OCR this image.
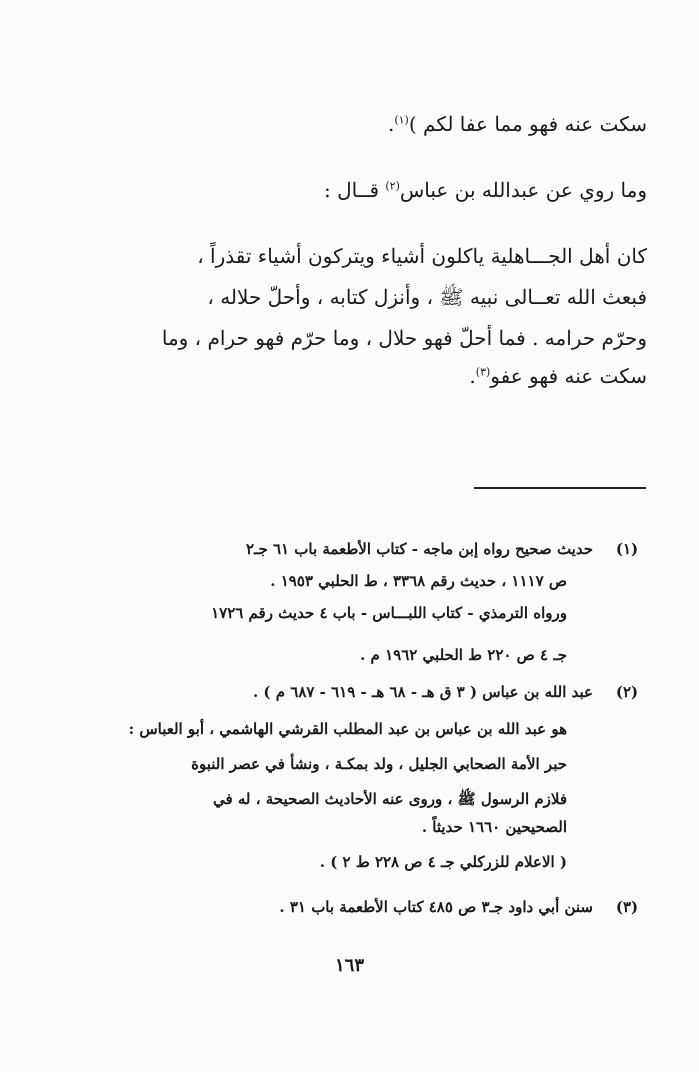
سكت عنه فهو مما عفا لكم )$^{(١)}$.
وما روي عن عبدالله بن عباس$^{(٢)}$ قــال :
كان أهل الجـــاهلية ياكلون أشياء ويتركون أشياء تقذراً ،
فبعث الله تعــالى نبيه ﷺ ، وأنزل كتابه ، وأحلّ حلاله ،
وحرّم حرامه . فما أحلّ فهو حلال ، وما حرّم فهو حرام ، وما
سكت عنه فهو عفو$^{(٣)}$.
(١)حديث صحيح رواه إبن ماجه - كتاب الأطعمة باب ٦١ جـ٢
ص ١١١٧ ، حديث رقم ٣٣٦٨ ، ط الحلبي ١٩٥٣ .
ورواه الترمذي - كتاب اللبـــاس - باب ٤ حديث رقم ١٧٢٦
جـ ٤ ص ٢٢٠ ط الحلبي ١٩٦٢ م .
(٢)عبد الله بن عباس ( ٣ ق هـ - ٦٨ هـ - ٦١٩ - ٦٨٧ م ) .
هو عبد الله بن عباس بن عبد المطلب القرشي الهاشمي ، أبو العباس :
حبر الأمة الصحابي الجليل ، ولد بمكـة ، ونشأ في عصر النبوة
فلازم الرسول ﷺ ، وروى عنه الأحاديث الصحيحة ، له في
الصحيحين ١٦٦٠ حديثاً .
( الاعلام للزركلي جـ ٤ ص ٢٢٨ ط ٢ ) .
(٣)سنن أبي داود جـ٣ ص ٤٨٥ كتاب الأطعمة باب ٣١ .
١٦٣
